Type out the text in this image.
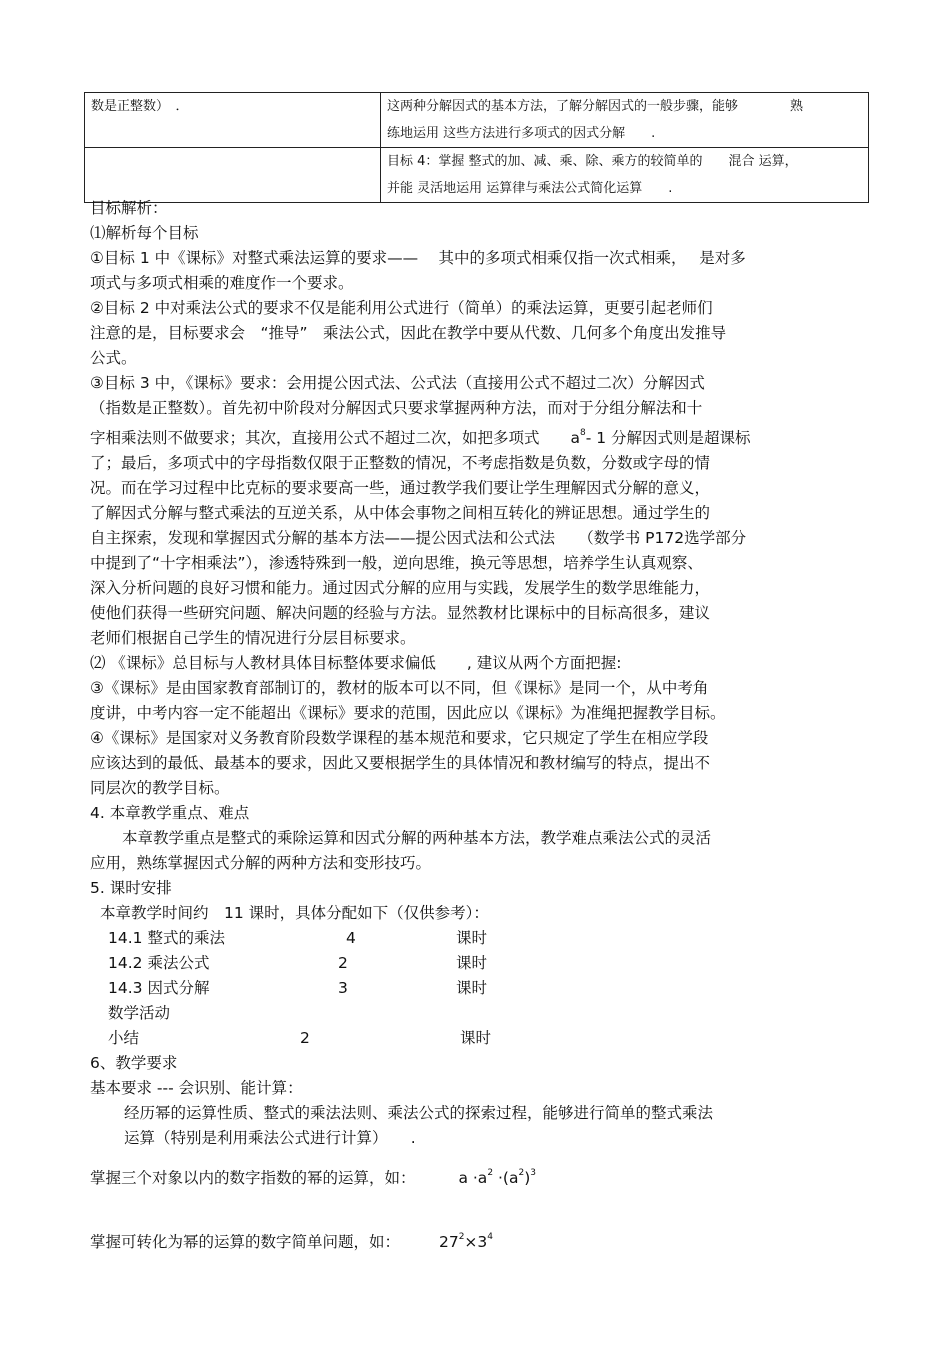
数是正整数）　．	这两种分解因式的基本方法，了解分解因式的一般步骤，能够　　　　熟
练地运用 这些方法进行多项式的因式分解　　.

	目标 4：掌握 整式的加、减、乘、除、乘方的较简单的　　混合 运算，
并能 灵活地运用 运算律与乘法公式简化运算　　.
目标解析：
⑴解析每个目标
①目标 1 中《课标》对整式乘法运算的要求——　 其中的多项式相乘仅指一次式相乘，　 是对多
项式与多项式相乘的难度作一个要求。
②目标 2 中对乘法公式的要求不仅是能利用公式进行（简单）的乘法运算，更要引起老师们
注意的是，目标要求会　“推导”　乘法公式，因此在教学中要从代数、几何多个角度出发推导
公式。
③目标 3 中，《课标》要求：会用提公因式法、公式法（直接用公式不超过二次）分解因式
（指数是正整数）。首先初中阶段对分解因式只要求掌握两种方法，而对于分组分解法和十
字相乘法则不做要求；其次，直接用公式不超过二次，如把多项式　　$a^8-$ 1 分解因式则是超课标
了；最后，多项式中的字母指数仅限于正整数的情况，不考虑指数是负数，分数或字母的情
况。而在学习过程中比克标的要求要高一些，通过教学我们要让学生理解因式分解的意义，
了解因式分解与整式乘法的互逆关系，从中体会事物之间相互转化的辨证思想。通过学生的
自主探索，发现和掌握因式分解的基本方法——提公因式法和公式法　　（数学书 P172选学部分
中提到了“十字相乘法”），渗透特殊到一般，逆向思维，换元等思想，培养学生认真观察、
深入分析问题的良好习惯和能力。通过因式分解的应用与实践，发展学生的数学思维能力，
使他们获得一些研究问题、解决问题的经验与方法。显然教材比课标中的目标高很多，建议
老师们根据自己学生的情况进行分层目标要求。
⑵ 《课标》总目标与人教材具体目标整体要求偏低　　, 建议从两个方面把握:
③《课标》是由国家教育部制订的，教材的版本可以不同，但《课标》是同一个，从中考角
度讲，中考内容一定不能超出《课标》要求的范围，因此应以《课标》为准绳把握教学目标。
④《课标》是国家对义务教育阶段数学课程的基本规范和要求，它只规定了学生在相应学段
应该达到的最低、最基本的要求，因此又要根据学生的具体情况和教材编写的特点，提出不
同层次的教学目标。
4. 本章教学重点、难点
本章教学重点是整式的乘除运算和因式分解的两种基本方法，教学难点乘法公式的灵活
应用，熟练掌握因式分解的两种方法和变形技巧。
5. 课时安排
本章教学时间约　11 课时，具体分配如下（仅供参考）：
14.1 整式的乘法	4	课时
14.2 乘法公式	2	课时
14.3 因式分解	3	课时
数学活动
小结	2	课时
6、教学要求
基本要求 --- 会识别、能计算：
经历幂的运算性质、整式的乘法法则、乘法公式的探索过程，能够进行简单的整式乘法
运算（特别是利用乘法公式进行计算）　　.
掌握三个对象以内的数字指数的幂的运算，如：	$a \cdot a^2 \cdot(a^2)^3$
掌握可转化为幂的运算的数字简单问题，如：	$27^2\times 3^4$
